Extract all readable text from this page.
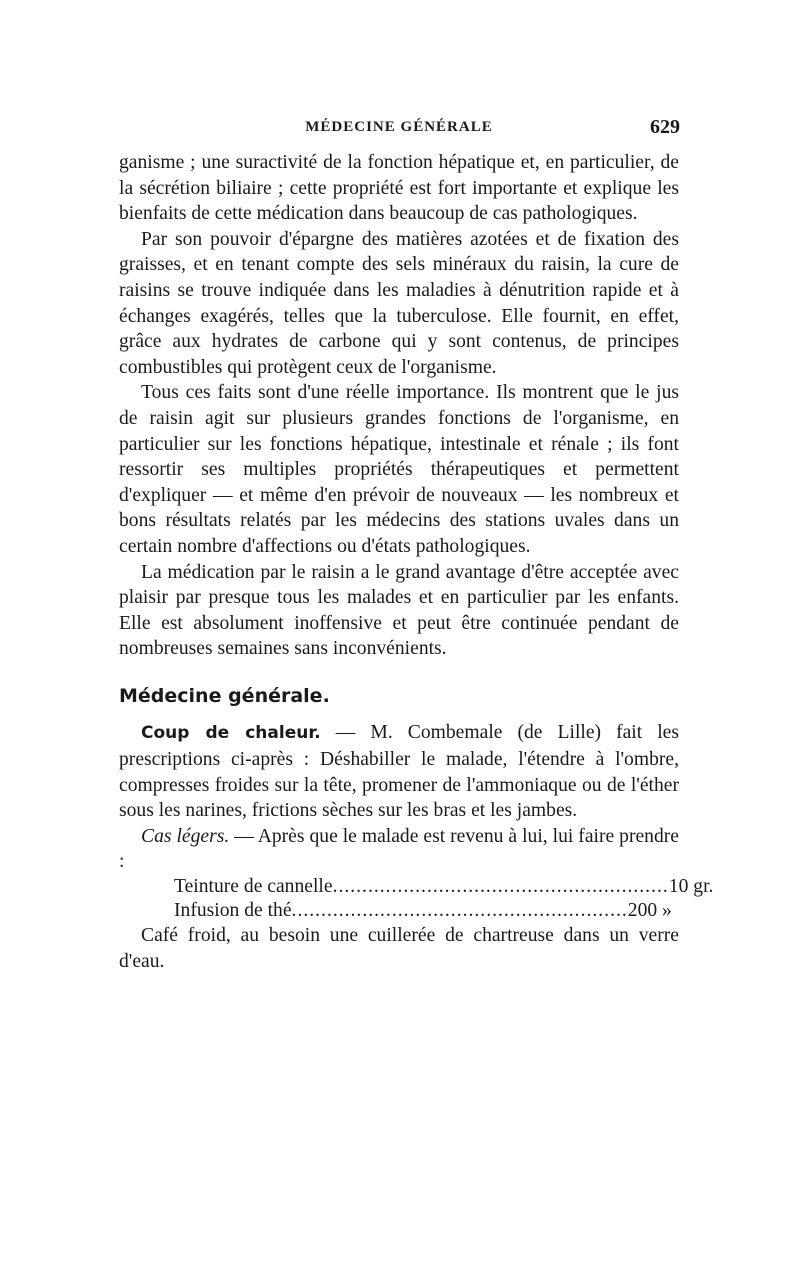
MÉDECINE GÉNÉRALE	629

ganisme ; une suractivité de la fonction hépatique et, en particulier, de la sécrétion biliaire ; cette propriété est fort importante et explique les bienfaits de cette médication dans beaucoup de cas pathologiques.

Par son pouvoir d'épargne des matières azotées et de fixation des graisses, et en tenant compte des sels minéraux du raisin, la cure de raisins se trouve indiquée dans les maladies à dénutrition rapide et à échanges exagérés, telles que la tuberculose. Elle fournit, en effet, grâce aux hydrates de carbone qui y sont contenus, de principes combustibles qui protègent ceux de l'organisme.

Tous ces faits sont d'une réelle importance. Ils montrent que le jus de raisin agit sur plusieurs grandes fonctions de l'organisme, en particulier sur les fonctions hépatique, intestinale et rénale ; ils font ressortir ses multiples propriétés thérapeutiques et permettent d'expliquer — et même d'en prévoir de nouveaux — les nombreux et bons résultats relatés par les médecins des stations uvales dans un certain nombre d'affections ou d'états pathologiques.

La médication par le raisin a le grand avantage d'être acceptée avec plaisir par presque tous les malades et en particulier par les enfants. Elle est absolument inoffensive et peut être continuée pendant de nombreuses semaines sans inconvénients.

Médecine générale.

Coup de chaleur. — M. Combemale (de Lille) fait les prescriptions ci-après : Déshabiller le malade, l'étendre à l'ombre, compresses froides sur la tête, promener de l'ammoniaque ou de l'éther sous les narines, frictions sèches sur les bras et les jambes.

Cas légers. — Après que le malade est revenu à lui, lui faire prendre :

Teinture de cannelle ......................................................... 10 gr.
Infusion de thé ......................................................... 200 »

Café froid, au besoin une cuillerée de chartreuse dans un verre d'eau.
